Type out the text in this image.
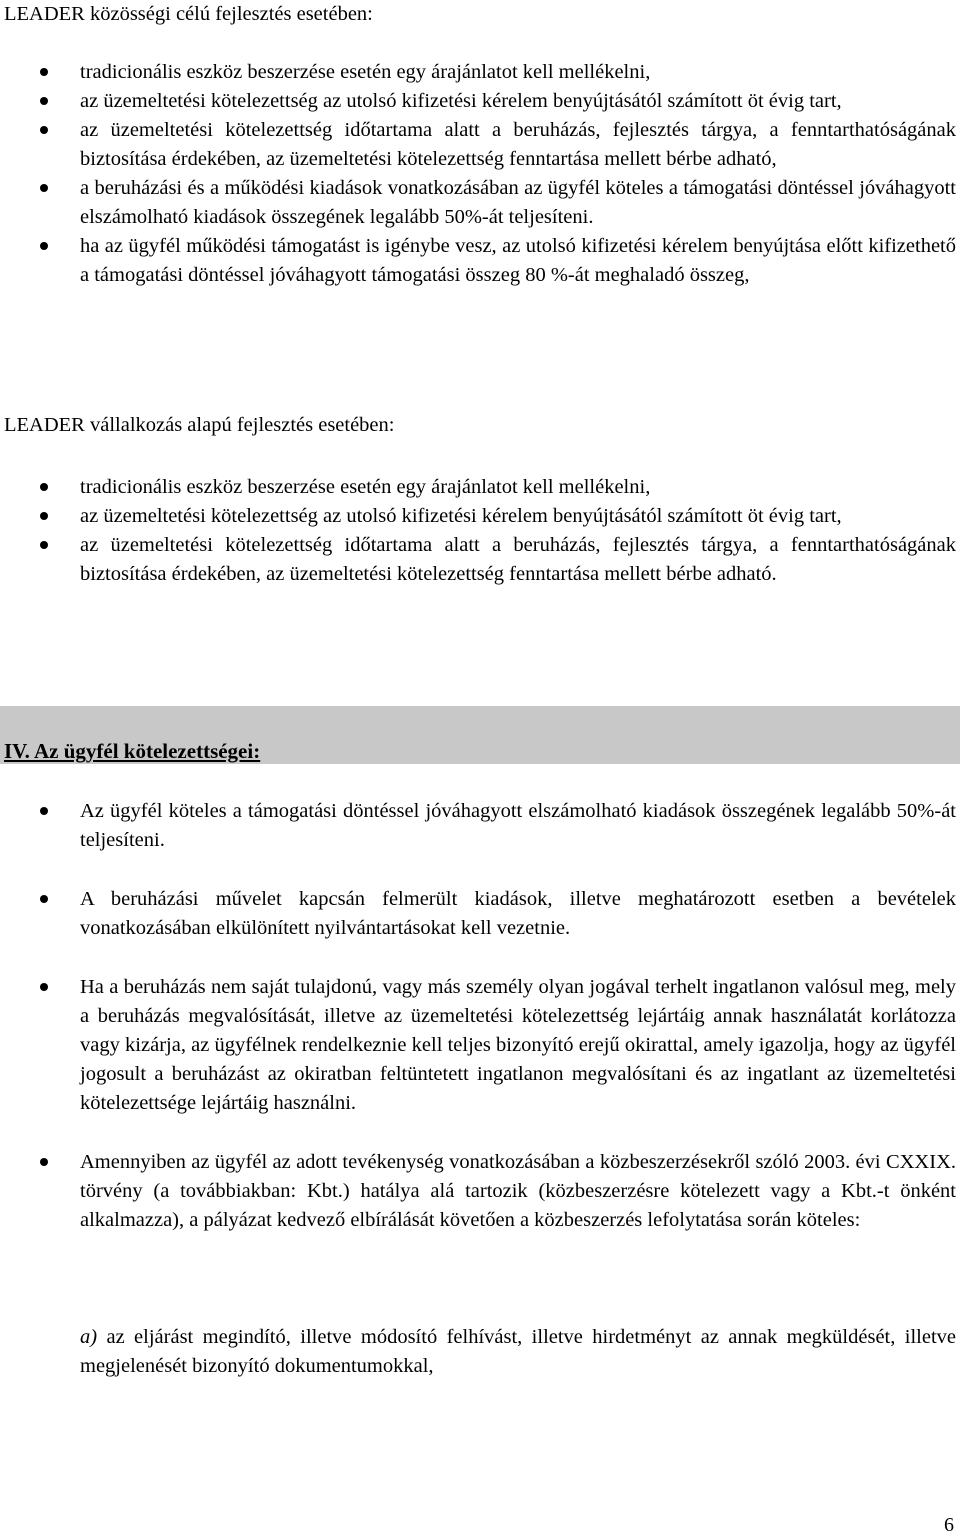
LEADER közösségi célú fejlesztés esetében:

tradicionális eszköz beszerzése esetén egy árajánlatot kell mellékelni,
az üzemeltetési kötelezettség az utolsó kifizetési kérelem benyújtásától számított öt évig tart,
az üzemeltetési kötelezettség időtartama alatt a beruházás, fejlesztés tárgya, a fenntarthatóságának biztosítása érdekében, az üzemeltetési kötelezettség fenntartása mellett bérbe adható,
a beruházási és a működési kiadások vonatkozásában az ügyfél köteles a támogatási döntéssel jóváhagyott elszámolható kiadások összegének legalább 50%-át teljesíteni.
ha az ügyfél működési támogatást is igénybe vesz, az utolsó kifizetési kérelem benyújtása előtt kifizethető a támogatási döntéssel jóváhagyott támogatási összeg 80 %-át meghaladó összeg,

LEADER vállalkozás alapú fejlesztés esetében:

tradicionális eszköz beszerzése esetén egy árajánlatot kell mellékelni,
az üzemeltetési kötelezettség az utolsó kifizetési kérelem benyújtásától számított öt évig tart,
az üzemeltetési kötelezettség időtartama alatt a beruházás, fejlesztés tárgya, a fenntarthatóságának biztosítása érdekében, az üzemeltetési kötelezettség fenntartása mellett bérbe adható.

IV. Az ügyfél kötelezettségei:

Az ügyfél köteles a támogatási döntéssel jóváhagyott elszámolható kiadások összegének legalább 50%-át teljesíteni.
A beruházási művelet kapcsán felmerült kiadások, illetve meghatározott esetben a bevételek vonatkozásában elkülönített nyilvántartásokat kell vezetnie.
Ha a beruházás nem saját tulajdonú, vagy más személy olyan jogával terhelt ingatlanon valósul meg, mely a beruházás megvalósítását, illetve az üzemeltetési kötelezettség lejártáig annak használatát korlátozza vagy kizárja, az ügyfélnek rendelkeznie kell teljes bizonyító erejű okirattal, amely igazolja, hogy az ügyfél jogosult a beruházást az okiratban feltüntetett ingatlanon megvalósítani és az ingatlant az üzemeltetési kötelezettsége lejártáig használni.
Amennyiben az ügyfél az adott tevékenység vonatkozásában a közbeszerzésekről szóló 2003. évi CXXIX. törvény (a továbbiakban: Kbt.) hatálya alá tartozik (közbeszerzésre kötelezett vagy a Kbt.-t önként alkalmazza), a pályázat kedvező elbírálását követően a közbeszerzés lefolytatása során köteles:

a) az eljárást megindító, illetve módosító felhívást, illetve hirdetményt az annak megküldését, illetve megjelenését bizonyító dokumentumokkal,

6
